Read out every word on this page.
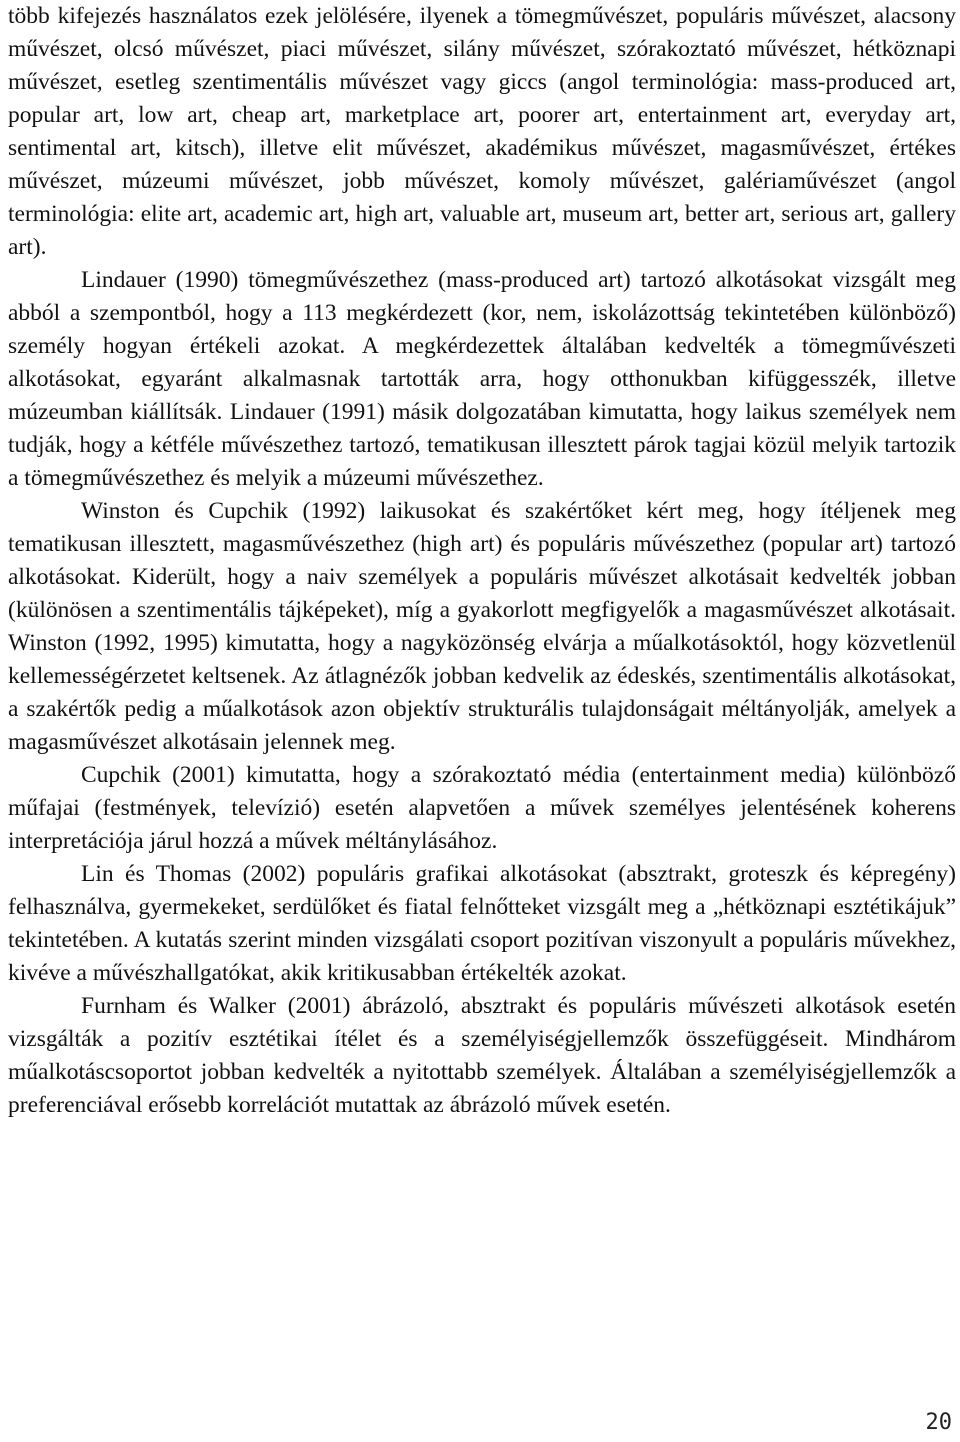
több kifejezés használatos ezek jelölésére, ilyenek a tömegművészet, populáris művészet, alacsony művészet, olcsó művészet, piaci művészet, silány művészet, szórakoztató művészet, hétköznapi művészet, esetleg szentimentális művészet vagy giccs (angol terminológia: mass-produced art, popular art, low art, cheap art, marketplace art, poorer art, entertainment art, everyday art, sentimental art, kitsch), illetve elit művészet, akadémikus művészet, magasművészet, értékes művészet, múzeumi művészet, jobb művészet, komoly művészet, galériaművészet (angol terminológia: elite art, academic art, high art, valuable art, museum art, better art, serious art, gallery art).

Lindauer (1990) tömegművészethez (mass-produced art) tartozó alkotásokat vizsgált meg abból a szempontból, hogy a 113 megkérdezett (kor, nem, iskolázottság tekintetében különböző) személy hogyan értékeli azokat. A megkérdezettek általában kedvelték a tömegművészeti alkotásokat, egyaránt alkalmasnak tartották arra, hogy otthonukban kifüggesszék, illetve múzeumban kiállítsák. Lindauer (1991) másik dolgozatában kimutatta, hogy laikus személyek nem tudják, hogy a kétféle művészethez tartozó, tematikusan illesztett párok tagjai közül melyik tartozik a tömegművészethez és melyik a múzeumi művészethez.

Winston és Cupchik (1992) laikusokat és szakértőket kért meg, hogy ítéljenek meg tematikusan illesztett, magasművészethez (high art) és populáris művészethez (popular art) tartozó alkotásokat. Kiderült, hogy a naiv személyek a populáris művészet alkotásait kedvelték jobban (különösen a szentimentális tájképeket), míg a gyakorlott megfigyelők a magasművészet alkotásait. Winston (1992, 1995) kimutatta, hogy a nagyközönség elvárja a műalkotásoktól, hogy közvetlenül kellemességérzetet keltsenek. Az átlagnézők jobban kedvelik az édeskés, szentimentális alkotásokat, a szakértők pedig a műalkotások azon objektív strukturális tulajdonságait méltányolják, amelyek a magasművészet alkotásain jelennek meg.

Cupchik (2001) kimutatta, hogy a szórakoztató média (entertainment media) különböző műfajai (festmények, televízió) esetén alapvetően a művek személyes jelentésének koherens interpretációja járul hozzá a művek méltánylásához.

Lin és Thomas (2002) populáris grafikai alkotásokat (absztrakt, groteszk és képregény) felhasználva, gyermekeket, serdülőket és fiatal felnőtteket vizsgált meg a „hétköznapi esztétikájuk” tekintetében. A kutatás szerint minden vizsgálati csoport pozitívan viszonyult a populáris művekhez, kivéve a művészhallgatókat, akik kritikusabban értékelték azokat.

Furnham és Walker (2001) ábrázoló, absztrakt és populáris művészeti alkotások esetén vizsgálták a pozitív esztétikai ítélet és a személyiségjellemzők összefüggéseit. Mindhárom műalkotáscsoportot jobban kedvelték a nyitottabb személyek. Általában a személyiségjellemzők a preferenciával erősebb korrelációt mutattak az ábrázoló művek esetén.

20
